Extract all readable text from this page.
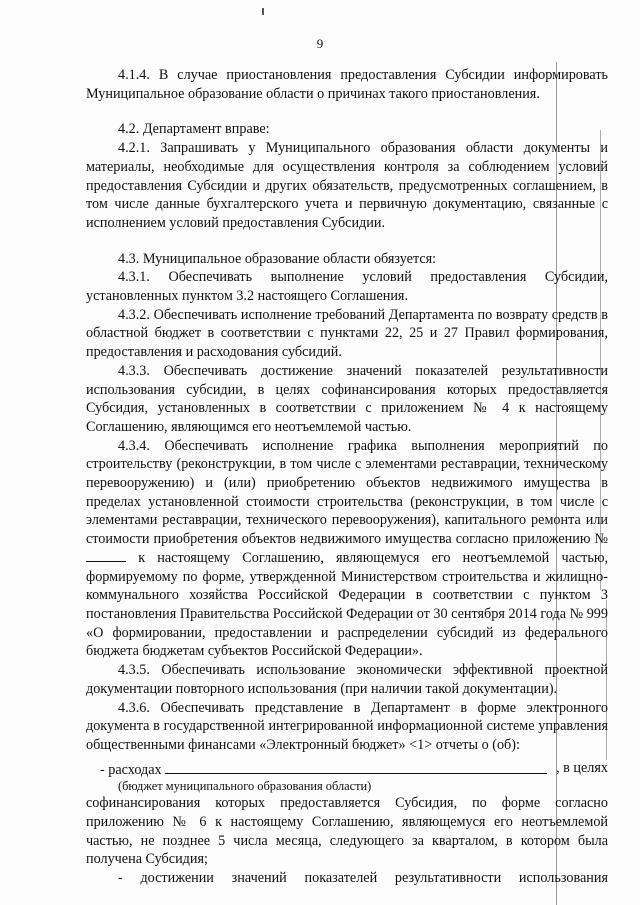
9

4.1.4. В случае приостановления предоставления Субсидии информировать Муниципальное образование области о причинах такого приостановления.

4.2. Департамент вправе:

4.2.1. Запрашивать у Муниципального образования области документы и материалы, необходимые для осуществления контроля за соблюдением условий предоставления Субсидии и других обязательств, предусмотренных соглашением, в том числе данные бухгалтерского учета и первичную документацию, связанные с исполнением условий предоставления Субсидии.

4.3. Муниципальное образование области обязуется:

4.3.1. Обеспечивать выполнение условий предоставления Субсидии, установленных пунктом 3.2 настоящего Соглашения.

4.3.2. Обеспечивать исполнение требований Департамента по возврату средств в областной бюджет в соответствии с пунктами 22, 25 и 27 Правил формирования, предоставления и расходования субсидий.

4.3.3. Обеспечивать достижение значений показателей результативности использования субсидии, в целях софинансирования которых предоставляется Субсидия, установленных в соответствии с приложением № 4 к настоящему Соглашению, являющимся его неотъемлемой частью.

4.3.4. Обеспечивать исполнение графика выполнения мероприятий по строительству (реконструкции, в том числе с элементами реставрации, техническому перевооружению) и (или) приобретению объектов недвижимого имущества в пределах установленной стоимости строительства (реконструкции, в том числе с элементами реставрации, технического перевооружения), капитального ремонта или стоимости приобретения объектов недвижимого имущества согласно приложению №  к настоящему Соглашению, являющемуся его неотъемлемой частью, формируемому по форме, утвержденной Министерством строительства и жилищно-коммунального хозяйства Российской Федерации в соответствии с пунктом 3 постановления Правительства Российской Федерации от 30 сентября 2014 года № 999 «О формировании, предоставлении и распределении субсидий из федерального бюджета бюджетам субъектов Российской Федерации».

4.3.5. Обеспечивать использование экономически эффективной проектной документации повторного использования (при наличии такой документации).

4.3.6. Обеспечивать представление в Департамент в форме электронного документа в государственной интегрированной информационной системе управления общественными финансами «Электронный бюджет» <1> отчеты о (об):

- расходах	, в целях

(бюджет муниципального образования области)

софинансирования которых предоставляется Субсидия, по форме согласно приложению № 6 к настоящему Соглашению, являющемуся его неотъемлемой частью, не позднее 5 числа месяца, следующего за кварталом, в котором была получена Субсидия;

- достижении значений показателей результативности использования
